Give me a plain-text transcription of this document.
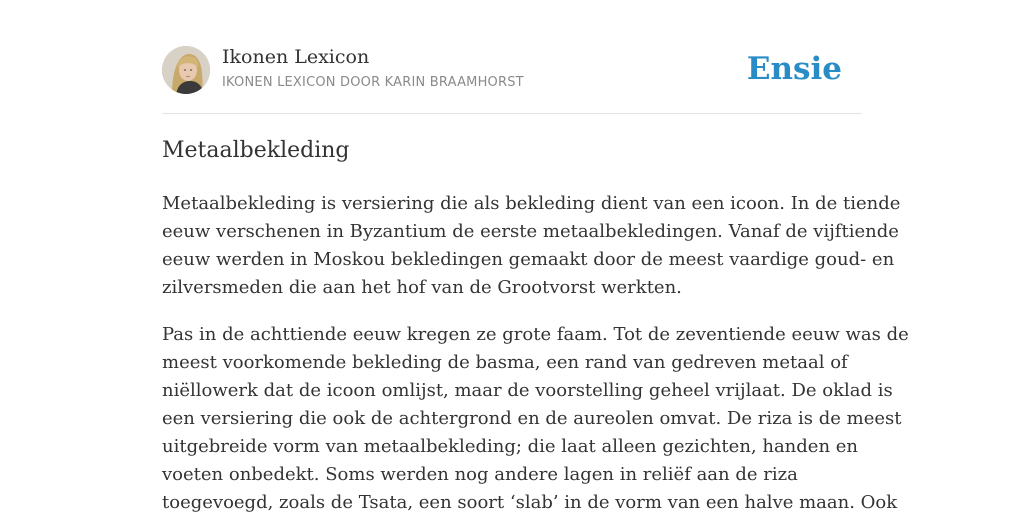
Ikonen Lexicon
IKONEN LEXICON DOOR KARIN BRAAMHORST	Ensie
Metaalbekleding

Metaalbekleding is versiering die als bekleding dient van een icoon. In de tiende
eeuw verschenen in Byzantium de eerste metaalbekledingen. Vanaf de vijftiende
eeuw werden in Moskou bekledingen gemaakt door de meest vaardige goud- en
zilversmeden die aan het hof van de Grootvorst werkten.

Pas in de achttiende eeuw kregen ze grote faam. Tot de zeventiende eeuw was de
meest voorkomende bekleding de basma, een rand van gedreven metaal of
niëllowerk dat de icoon omlijst, maar de voorstelling geheel vrijlaat. De oklad is
een versiering die ook de achtergrond en de aureolen omvat. De riza is de meest
uitgebreide vorm van metaalbekleding; die laat alleen gezichten, handen en
voeten onbedekt. Soms werden nog andere lagen in reliëf aan de riza
toegevoegd, zoals de Tsata, een soort ‘slab’ in de vorm van een halve maan. Ook
